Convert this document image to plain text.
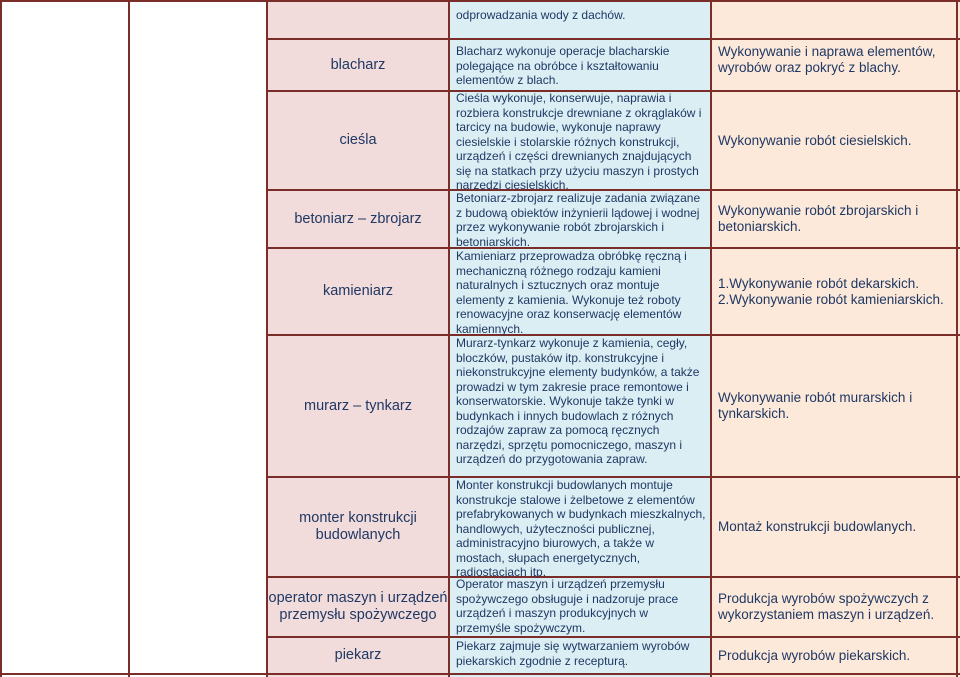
odprowadzania wody z dachów.
blacharz
Blacharz wykonuje operacje blacharskie polegające na obróbce i kształtowaniu elementów z blach.
Wykonywanie i naprawa elementów, wyrobów oraz pokryć z blachy.
cieśla
Cieśla wykonuje, konserwuje, naprawia i rozbiera konstrukcje drewniane z okrąglaków i tarcicy na budowie, wykonuje naprawy ciesielskie i stolarskie różnych konstrukcji, urządzeń i części drewnianych znajdujących się na statkach przy użyciu maszyn i prostych narzędzi ciesielskich.
Wykonywanie robót ciesielskich.
betoniarz – zbrojarz
Betoniarz-zbrojarz realizuje zadania związane z budową obiektów inżynierii lądowej i wodnej przez wykonywanie robót zbrojarskich i betoniarskich.
Wykonywanie robót zbrojarskich i betoniarskich.
kamieniarz
Kamieniarz przeprowadza obróbkę ręczną i mechaniczną różnego rodzaju kamieni naturalnych i sztucznych oraz montuje elementy z kamienia. Wykonuje też roboty renowacyjne oraz konserwację elementów kamiennych.
1.Wykonywanie robót dekarskich.
2.Wykonywanie robót kamieniarskich.
murarz – tynkarz
Murarz-tynkarz wykonuje z kamienia, cegły, bloczków, pustaków itp. konstrukcyjne i niekonstrukcyjne elementy budynków, a także prowadzi w tym zakresie prace remontowe i konserwatorskie. Wykonuje także tynki w budynkach i innych budowlach z różnych rodzajów zapraw za pomocą ręcznych narzędzi, sprzętu pomocniczego, maszyn i urządzeń do przygotowania zapraw.
Wykonywanie robót murarskich i tynkarskich.
monter konstrukcji budowlanych
Monter konstrukcji budowlanych montuje konstrukcje stalowe i żelbetowe z elementów prefabrykowanych w budynkach mieszkalnych, handlowych, użyteczności publicznej, administracyjno biurowych, a także w mostach, słupach energetycznych, radiostacjach itp.
Montaż konstrukcji budowlanych.
operator maszyn i urządzeń przemysłu spożywczego
Operator maszyn i urządzeń przemysłu spożywczego obsługuje i nadzoruje prace urządzeń i maszyn produkcyjnych w przemyśle spożywczym.
Produkcja wyrobów spożywczych z wykorzystaniem maszyn i urządzeń.
piekarz
Piekarz zajmuje się wytwarzaniem wyrobów piekarskich zgodnie z recepturą.	Produkcja wyrobów piekarskich.
